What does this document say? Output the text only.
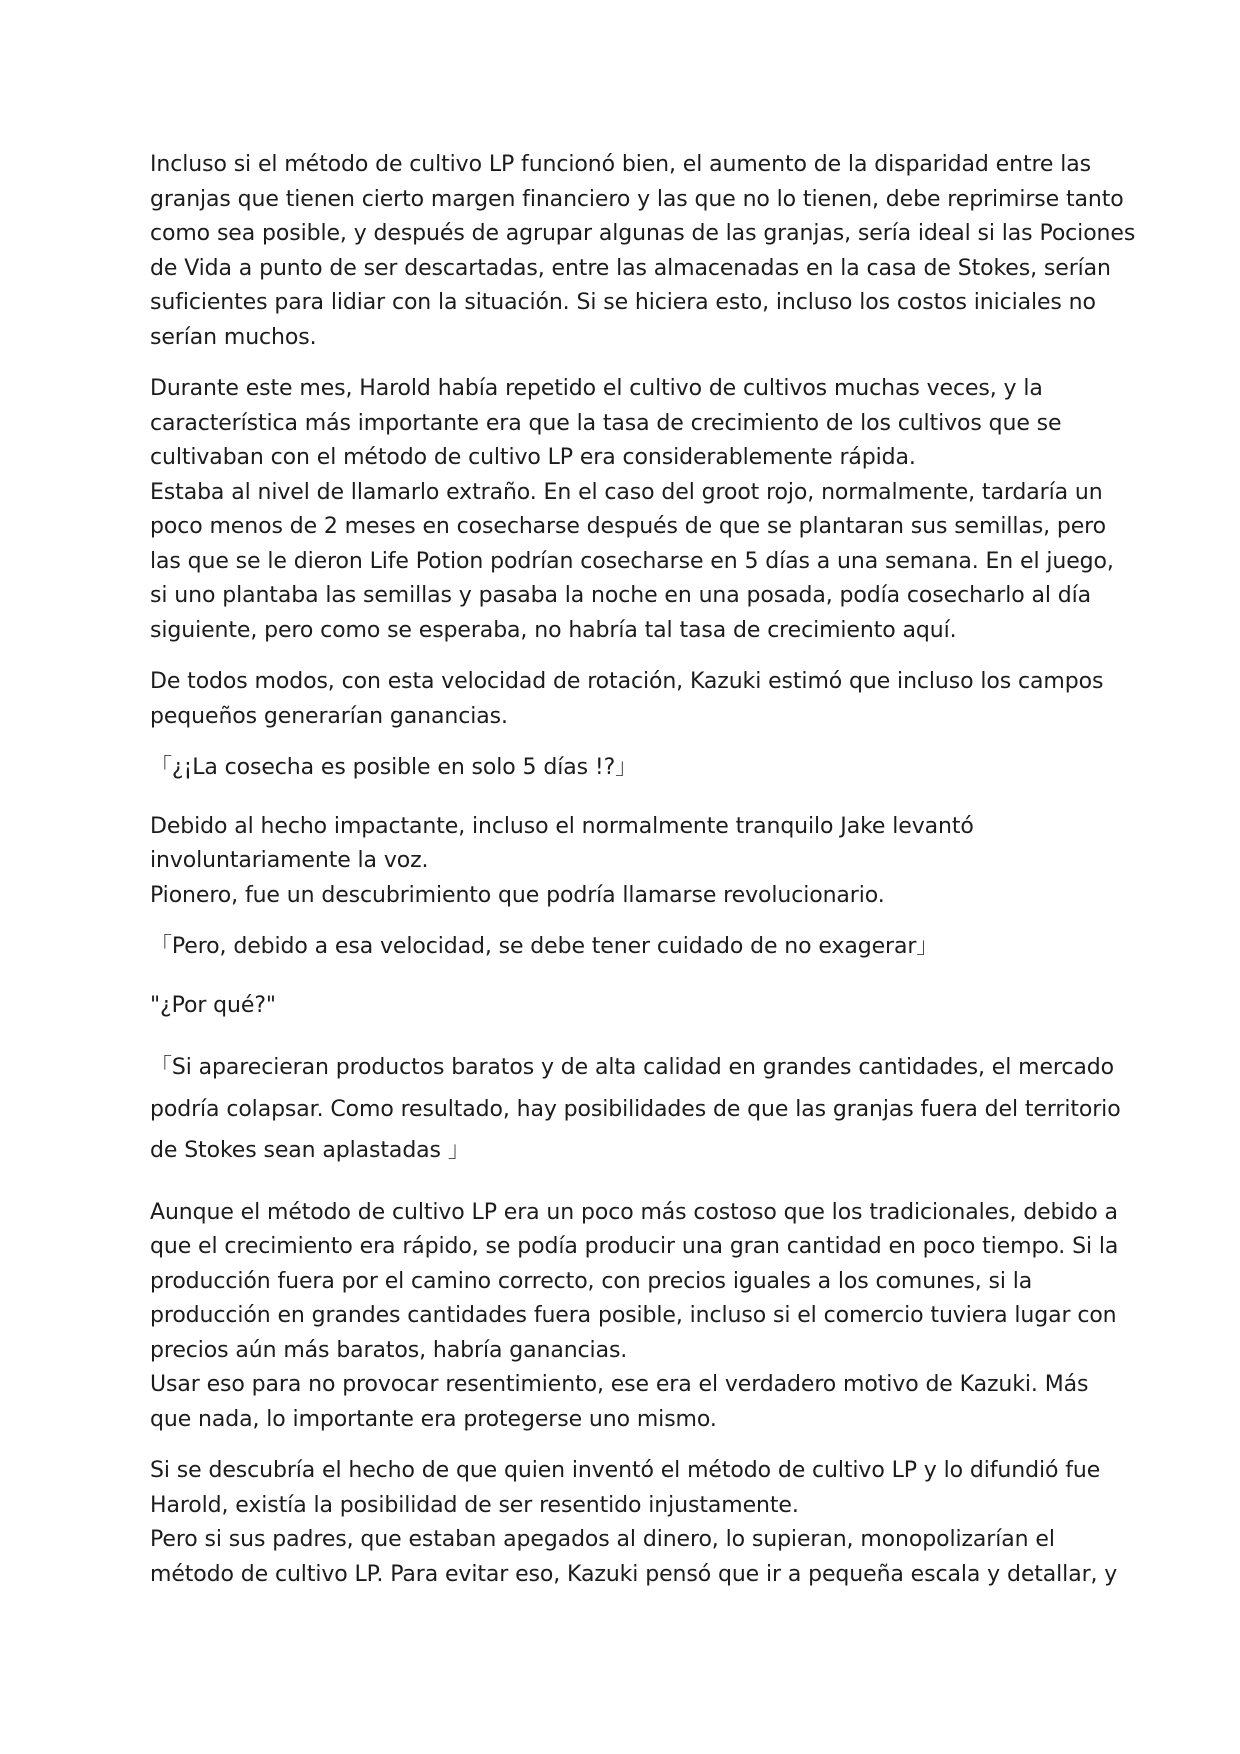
Incluso si el método de cultivo LP funcionó bien, el aumento de la disparidad entre las
granjas que tienen cierto margen financiero y las que no lo tienen, debe reprimirse tanto
como sea posible, y después de agrupar algunas de las granjas, sería ideal si las Pociones
de Vida a punto de ser descartadas, entre las almacenadas en la casa de Stokes, serían
suficientes para lidiar con la situación. Si se hiciera esto, incluso los costos iniciales no
serían muchos.

Durante este mes, Harold había repetido el cultivo de cultivos muchas veces, y la
característica más importante era que la tasa de crecimiento de los cultivos que se
cultivaban con el método de cultivo LP era considerablemente rápida.
Estaba al nivel de llamarlo extraño. En el caso del groot rojo, normalmente, tardaría un
poco menos de 2 meses en cosecharse después de que se plantaran sus semillas, pero
las que se le dieron Life Potion podrían cosecharse en 5 días a una semana. En el juego,
si uno plantaba las semillas y pasaba la noche en una posada, podía cosecharlo al día
siguiente, pero como se esperaba, no habría tal tasa de crecimiento aquí.

De todos modos, con esta velocidad de rotación, Kazuki estimó que incluso los campos
pequeños generarían ganancias.

「¿¡La cosecha es posible en solo 5 días !?」

Debido al hecho impactante, incluso el normalmente tranquilo Jake levantó
involuntariamente la voz.
Pionero, fue un descubrimiento que podría llamarse revolucionario.

「Pero, debido a esa velocidad, se debe tener cuidado de no exagerar」

"¿Por qué?"

「Si aparecieran productos baratos y de alta calidad en grandes cantidades, el mercado
podría colapsar. Como resultado, hay posibilidades de que las granjas fuera del territorio
de Stokes sean aplastadas 」

Aunque el método de cultivo LP era un poco más costoso que los tradicionales, debido a
que el crecimiento era rápido, se podía producir una gran cantidad en poco tiempo. Si la
producción fuera por el camino correcto, con precios iguales a los comunes, si la
producción en grandes cantidades fuera posible, incluso si el comercio tuviera lugar con
precios aún más baratos, habría ganancias.
Usar eso para no provocar resentimiento, ese era el verdadero motivo de Kazuki. Más
que nada, lo importante era protegerse uno mismo.

Si se descubría el hecho de que quien inventó el método de cultivo LP y lo difundió fue
Harold, existía la posibilidad de ser resentido injustamente.
Pero si sus padres, que estaban apegados al dinero, lo supieran, monopolizarían el
método de cultivo LP. Para evitar eso, Kazuki pensó que ir a pequeña escala y detallar, y
